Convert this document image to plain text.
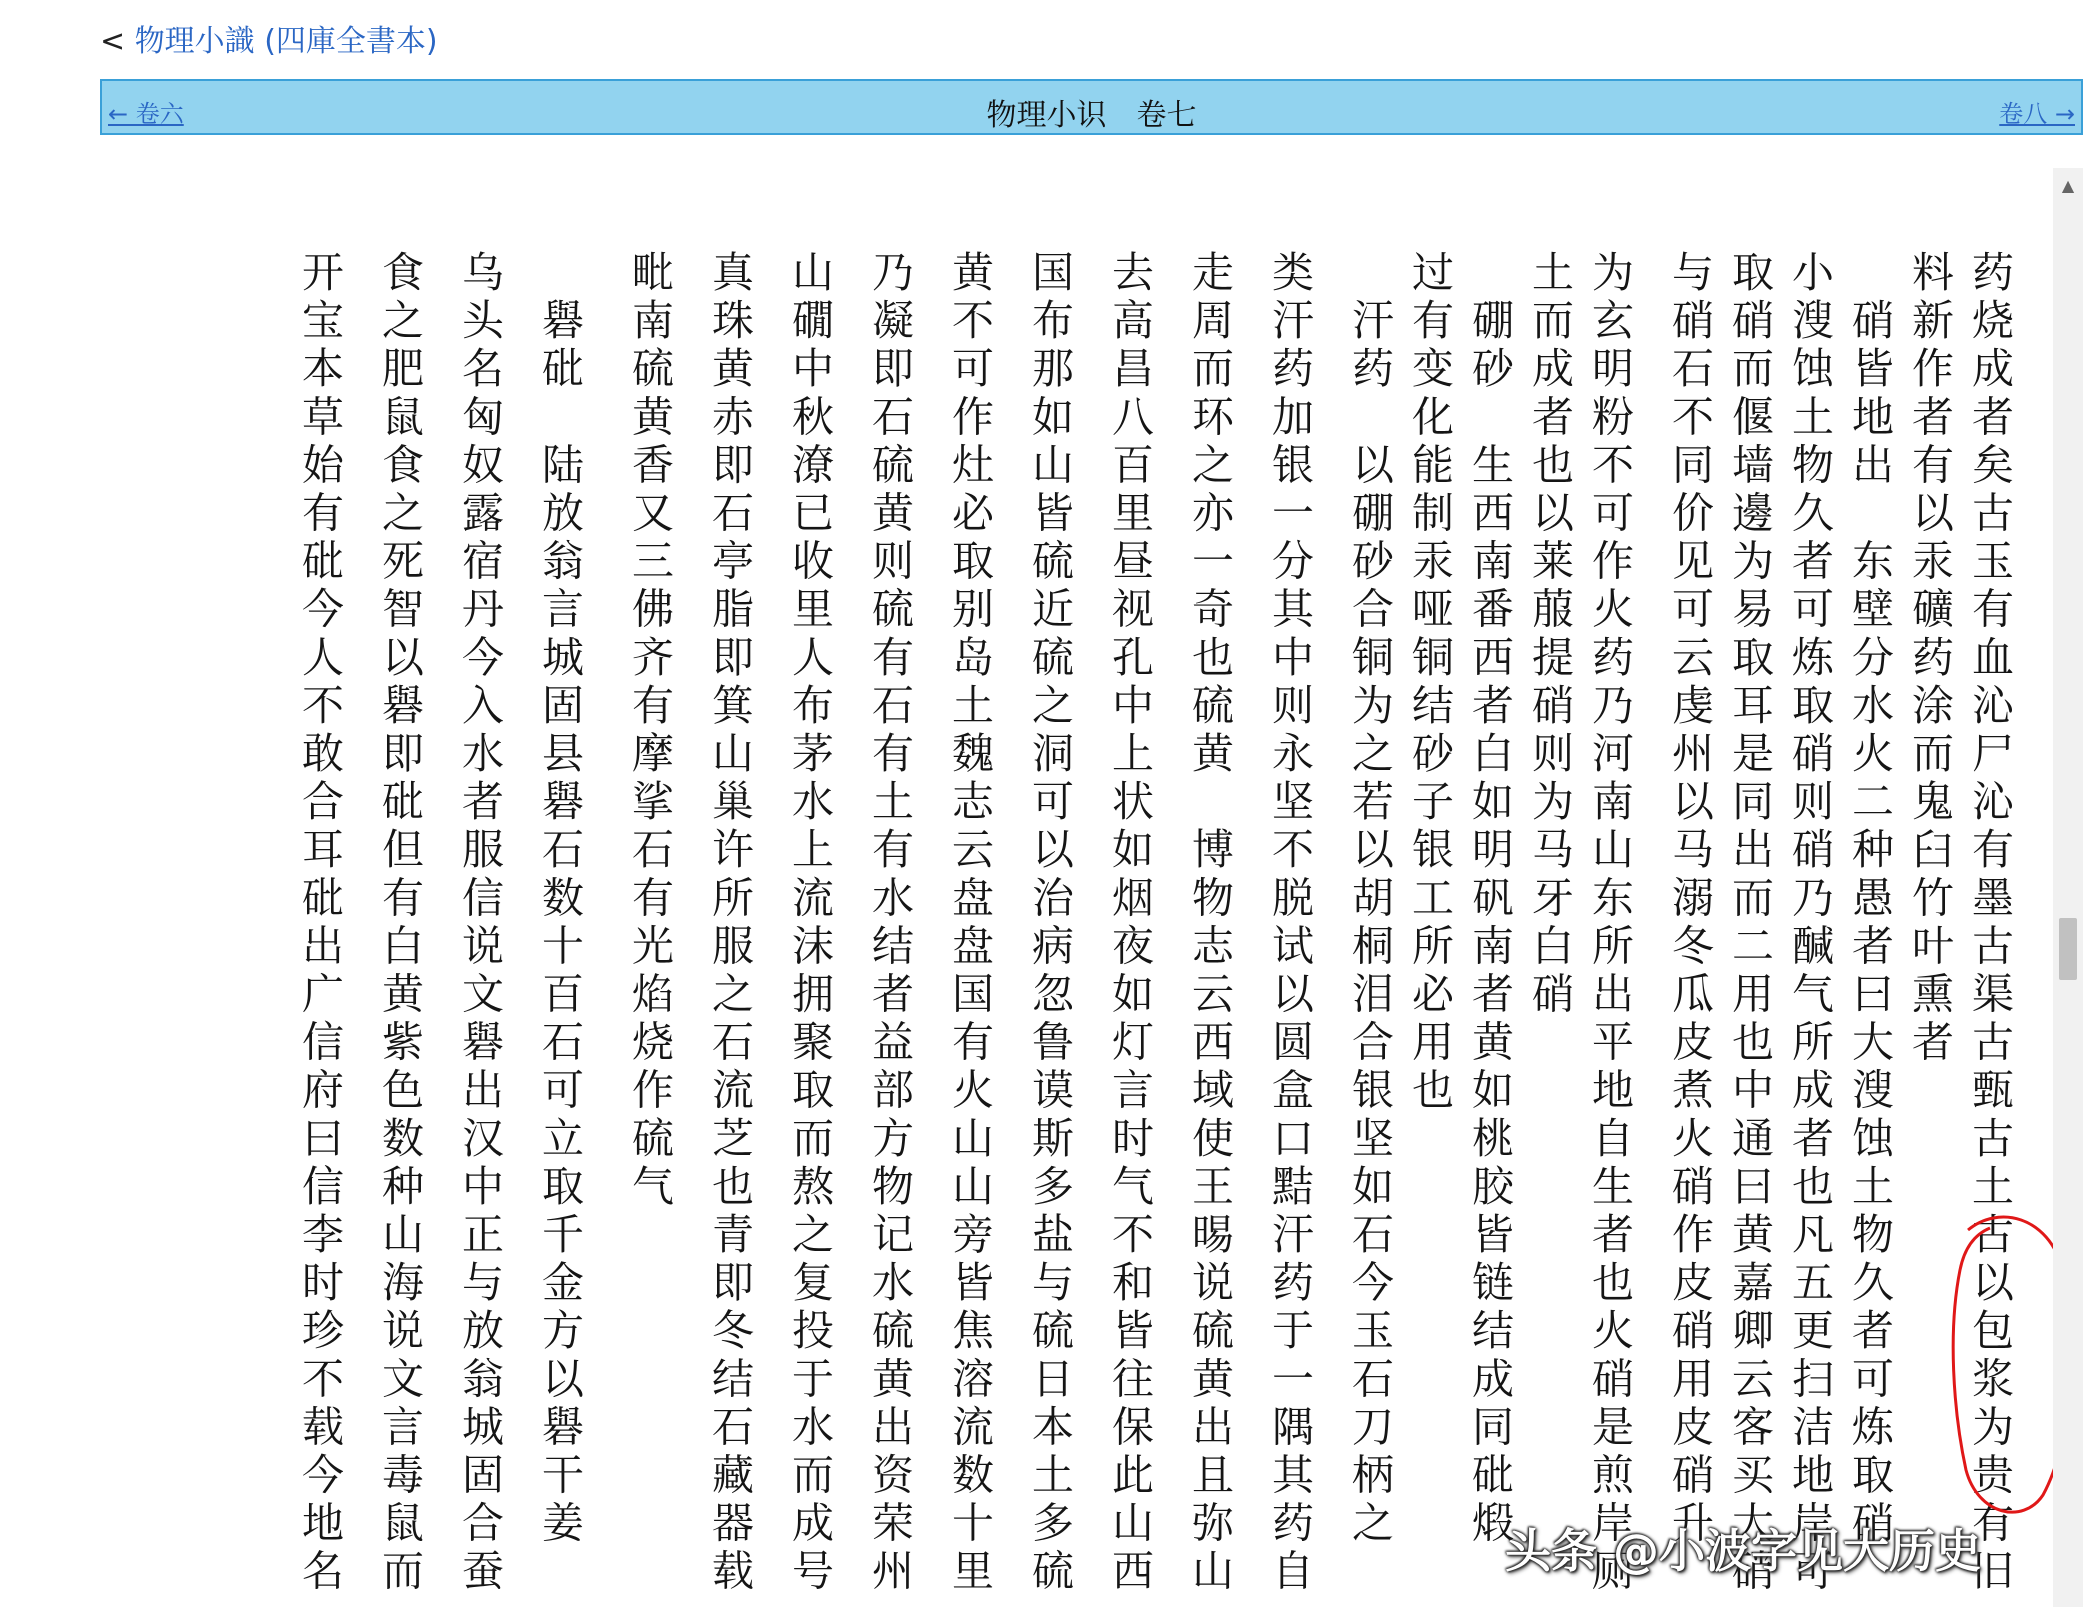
< 物理小識 (四庫全書本)
← 卷六	物理小识　卷七	卷八 →
药烧成者矣古玉有血沁尸沁有墨古渠古甄古土古以包浆为贵有旧
料新作者有以汞礦药涂而鬼臼竹叶熏者
　硝皆地出　东壁分水火二种愚者曰大溲蚀土物久者可炼取硝
小溲蚀土物久者可炼取硝则硝乃醎气所成者也凡五更扫洁地岸可
取硝而偃墙邊为易取耳是同出而二用也中通曰黄嘉卿云客买大硝
与硝石不同价见可云虔州以马溺冬瓜皮煮火硝作皮硝用皮硝升
为玄明粉不可作火药乃河南山东所出平地自生者也火硝是煎岸厕
土而成者也以莱菔提硝则为马牙白硝
　硼砂　生西南番西者白如明矾南者黄如桃胶皆链结成同砒煅
过有变化能制汞哑铜结砂子银工所必用也
　汗药　以硼砂合铜为之若以胡桐泪合银坚如石今玉石刀柄之
类汗药加银一分其中则永坚不脱试以圆盒口黠汗药于一隅其药自
走周而环之亦一奇也硫黄　博物志云西域使王晹说硫黄出且弥山
去高昌八百里昼视孔中上状如烟夜如灯言时气不和皆往保此山西
国布那如山皆硫近硫之洞可以治病忽鲁谟斯多盐与硫日本土多硫
黄不可作灶必取别岛土魏志云盘盘国有火山山旁皆焦溶流数十里
乃凝即石硫黄则硫有石有土有水结者益部方物记水硫黄出资荣州
山礀中秋潦已收里人布茅水上流沫拥聚取而熬之复投于水而成号
真珠黄赤即石亭脂即箕山巢许所服之石流芝也青即冬结石藏器载
毗南硫黄香又三佛齐有摩挲石有光焰烧作硫气
　礜砒　陆放翁言城固县礜石数十百石可立取千金方以礜干姜
乌头名匈奴露宿丹今入水者服信说文礜出汉中正与放翁城固合蚕
食之肥鼠食之死智以礜即砒但有白黄紫色数种山海说文言毒鼠而
开宝本草始有砒今人不敢合耳砒出广信府曰信李时珍不载今地名
▲
头条 @小波字见大历史
